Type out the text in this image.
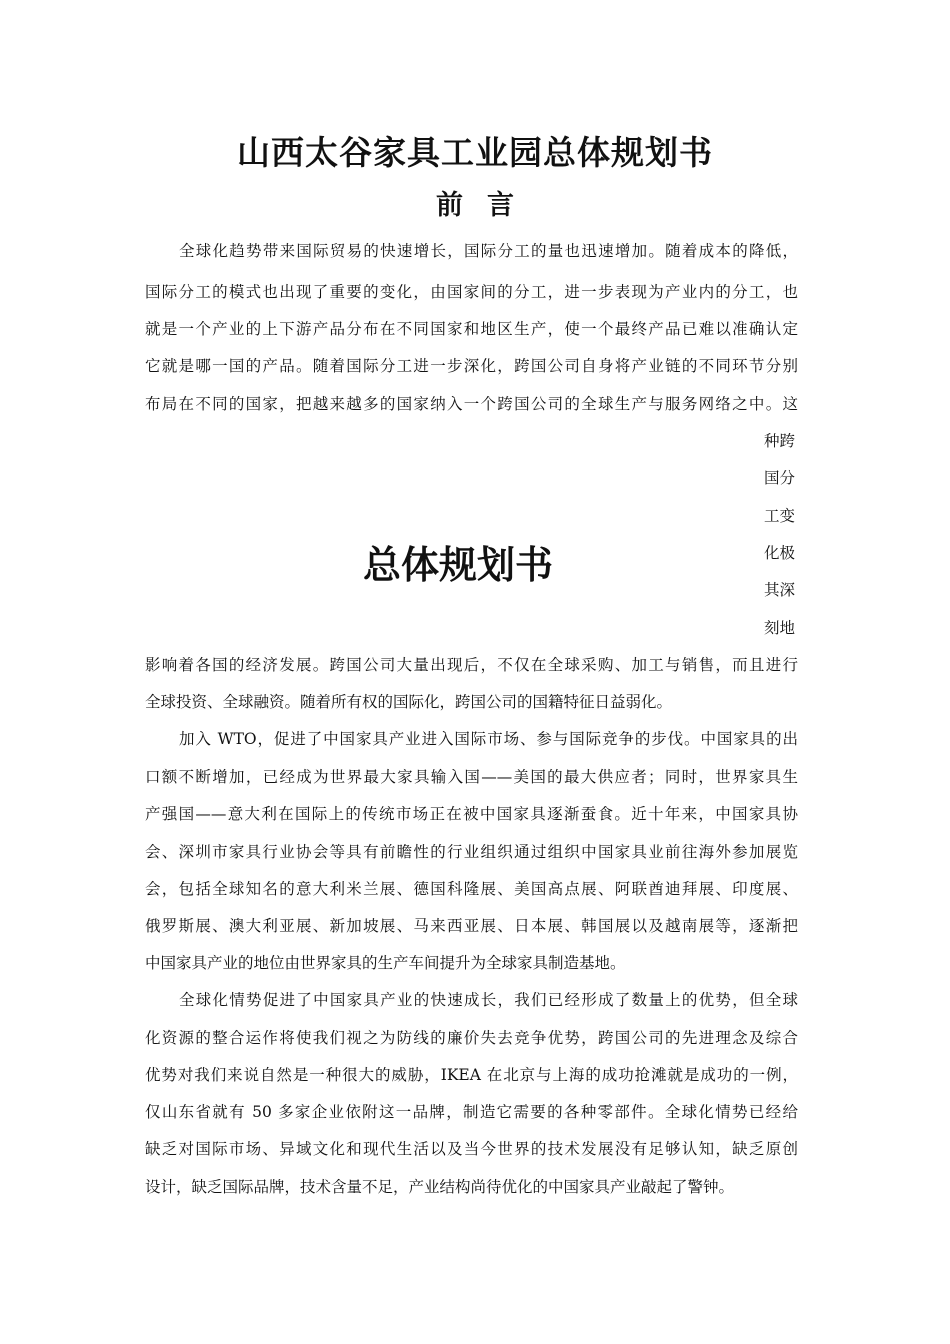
山西太谷家具工业园总体规划书
前言
全球化趋势带来国际贸易的快速增长，国际分工的量也迅速增加。随着成本的降低，
国际分工的模式也出现了重要的变化，由国家间的分工，进一步表现为产业内的分工，也
就是一个产业的上下游产品分布在不同国家和地区生产，使一个最终产品已难以准确认定
它就是哪一国的产品。随着国际分工进一步深化，跨国公司自身将产业链的不同环节分别
布局在不同的国家，把越来越多的国家纳入一个跨国公司的全球生产与服务网络之中。这
种跨
国分
工变
化极
其深
刻地
总体规划书
影响着各国的经济发展。跨国公司大量出现后，不仅在全球采购、加工与销售，而且进行
全球投资、全球融资。随着所有权的国际化，跨国公司的国籍特征日益弱化。
加入 WTO，促进了中国家具产业进入国际市场、参与国际竞争的步伐。中国家具的出
口额不断增加，已经成为世界最大家具输入国——美国的最大供应者；同时，世界家具生
产强国——意大利在国际上的传统市场正在被中国家具逐渐蚕食。近十年来，中国家具协
会、深圳市家具行业协会等具有前瞻性的行业组织通过组织中国家具业前往海外参加展览
会，包括全球知名的意大利米兰展、德国科隆展、美国高点展、阿联酋迪拜展、印度展、
俄罗斯展、澳大利亚展、新加坡展、马来西亚展、日本展、韩国展以及越南展等，逐渐把
中国家具产业的地位由世界家具的生产车间提升为全球家具制造基地。
全球化情势促进了中国家具产业的快速成长，我们已经形成了数量上的优势，但全球
化资源的整合运作将使我们视之为防线的廉价失去竞争优势，跨国公司的先进理念及综合
优势对我们来说自然是一种很大的威胁，IKEA 在北京与上海的成功抢滩就是成功的一例，
仅山东省就有 50 多家企业依附这一品牌，制造它需要的各种零部件。全球化情势已经给
缺乏对国际市场、异域文化和现代生活以及当今世界的技术发展没有足够认知，缺乏原创
设计，缺乏国际品牌，技术含量不足，产业结构尚待优化的中国家具产业敲起了警钟。
